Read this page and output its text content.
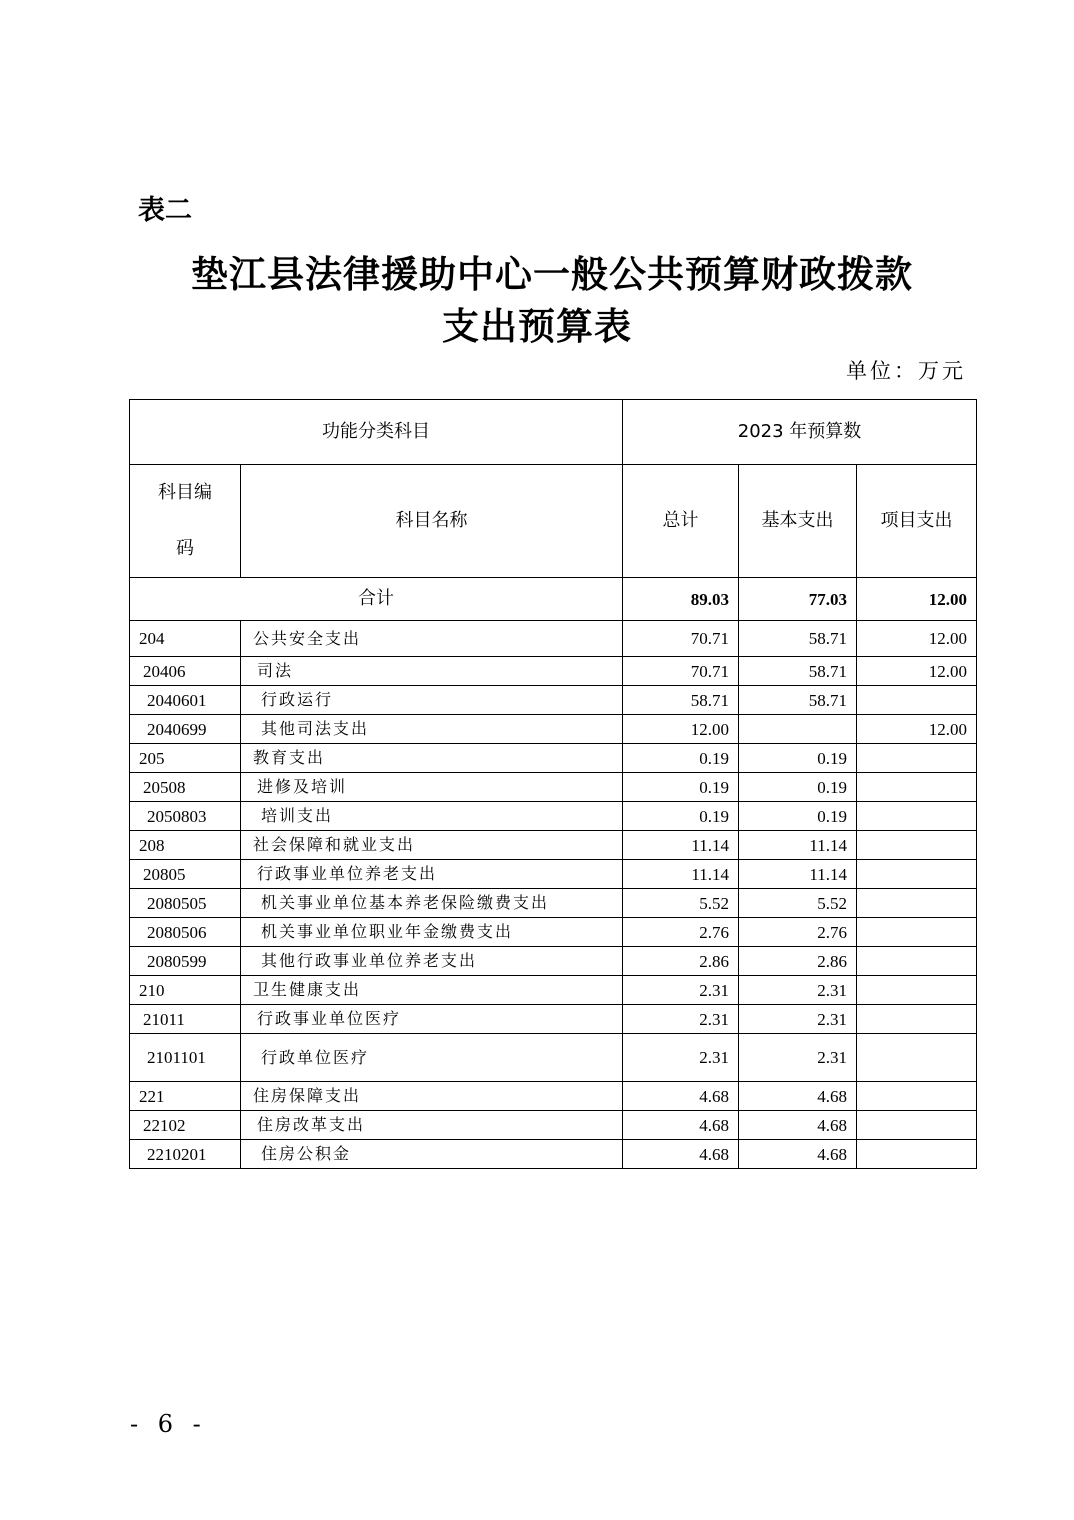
表二
垫江县法律援助中心一般公共预算财政拨款
支出预算表
单位：万元
功能分类科目		2023 年预算数		

科目编码	科目名称	总计	基本支出	项目支出
合计		89.03	77.03	12.00
204	公共安全支出	70.71	58.71	12.00
20406	司法	70.71	58.71	12.00
2040601	行政运行	58.71	58.71	
2040699	其他司法支出	12.00		12.00
205	教育支出	0.19	0.19	
20508	进修及培训	0.19	0.19	
2050803	培训支出	0.19	0.19	
208	社会保障和就业支出	11.14	11.14	
20805	行政事业单位养老支出	11.14	11.14	
2080505	机关事业单位基本养老保险缴费支出	5.52	5.52	
2080506	机关事业单位职业年金缴费支出	2.76	2.76	
2080599	其他行政事业单位养老支出	2.86	2.86	
210	卫生健康支出	2.31	2.31	
21011	行政事业单位医疗	2.31	2.31	
2101101	行政单位医疗	2.31	2.31	
221	住房保障支出	4.68	4.68	
22102	住房改革支出	4.68	4.68	
2210201	住房公积金	4.68	4.68	
- 6 -
